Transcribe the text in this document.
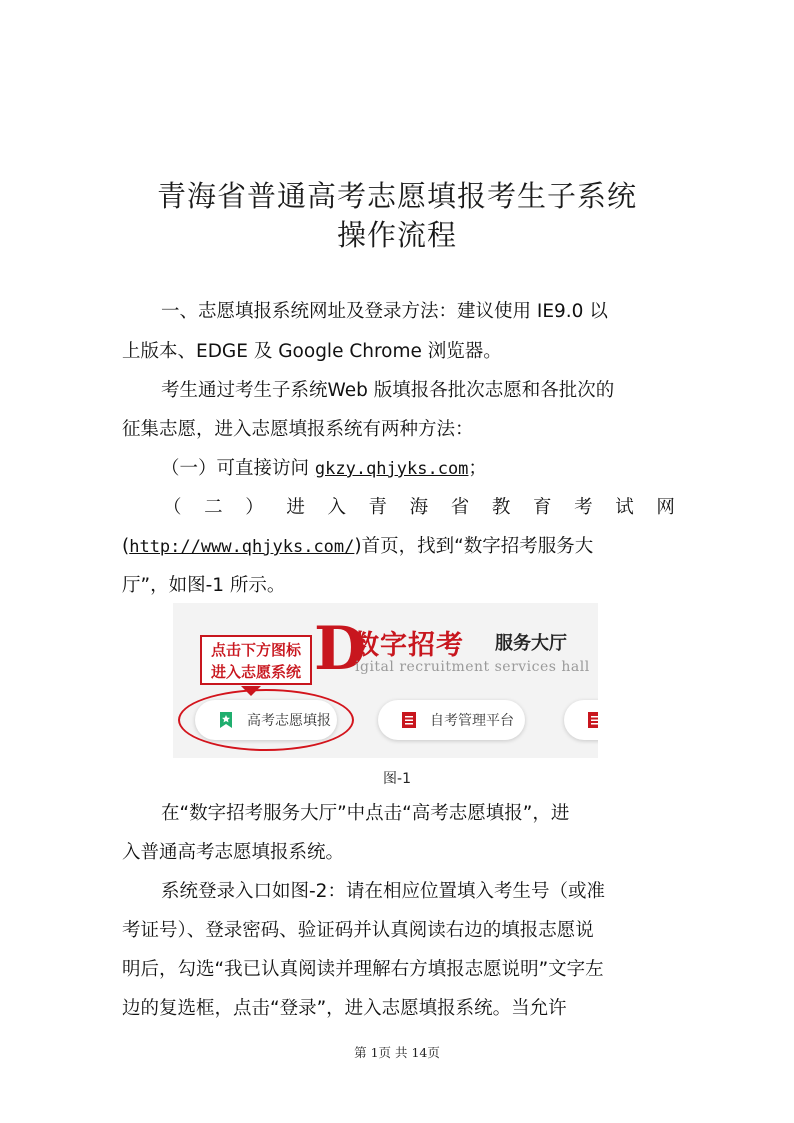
青海省普通高考志愿填报考生子系统
操作流程
一、志愿填报系统网址及登录方法：建议使用 IE9.0 以
上版本、EDGE 及 Google Chrome 浏览器。
考生通过考生子系统Web 版填报各批次志愿和各批次的
征集志愿，进入志愿填报系统有两种方法：
（一）可直接访问 gkzy.qhjyks.com；
（ 二 ） 进 入 青 海 省 教 育 考 试 网
(http://www.qhjyks.com/)首页，找到“数字招考服务大
厅”，如图-1 所示。
点击下方图标
进入志愿系统 D
数字招考 服务大厅
igital recruitment services hall
高考志愿填报	自考管理平台
图-1
在“数字招考服务大厅”中点击“高考志愿填报”，进
入普通高考志愿填报系统。
系统登录入口如图-2：请在相应位置填入考生号（或准
考证号）、登录密码、验证码并认真阅读右边的填报志愿说
明后，勾选“我已认真阅读并理解右方填报志愿说明”文字左
边的复选框，点击“登录”，进入志愿填报系统。当允许
第 1页 共 14页
